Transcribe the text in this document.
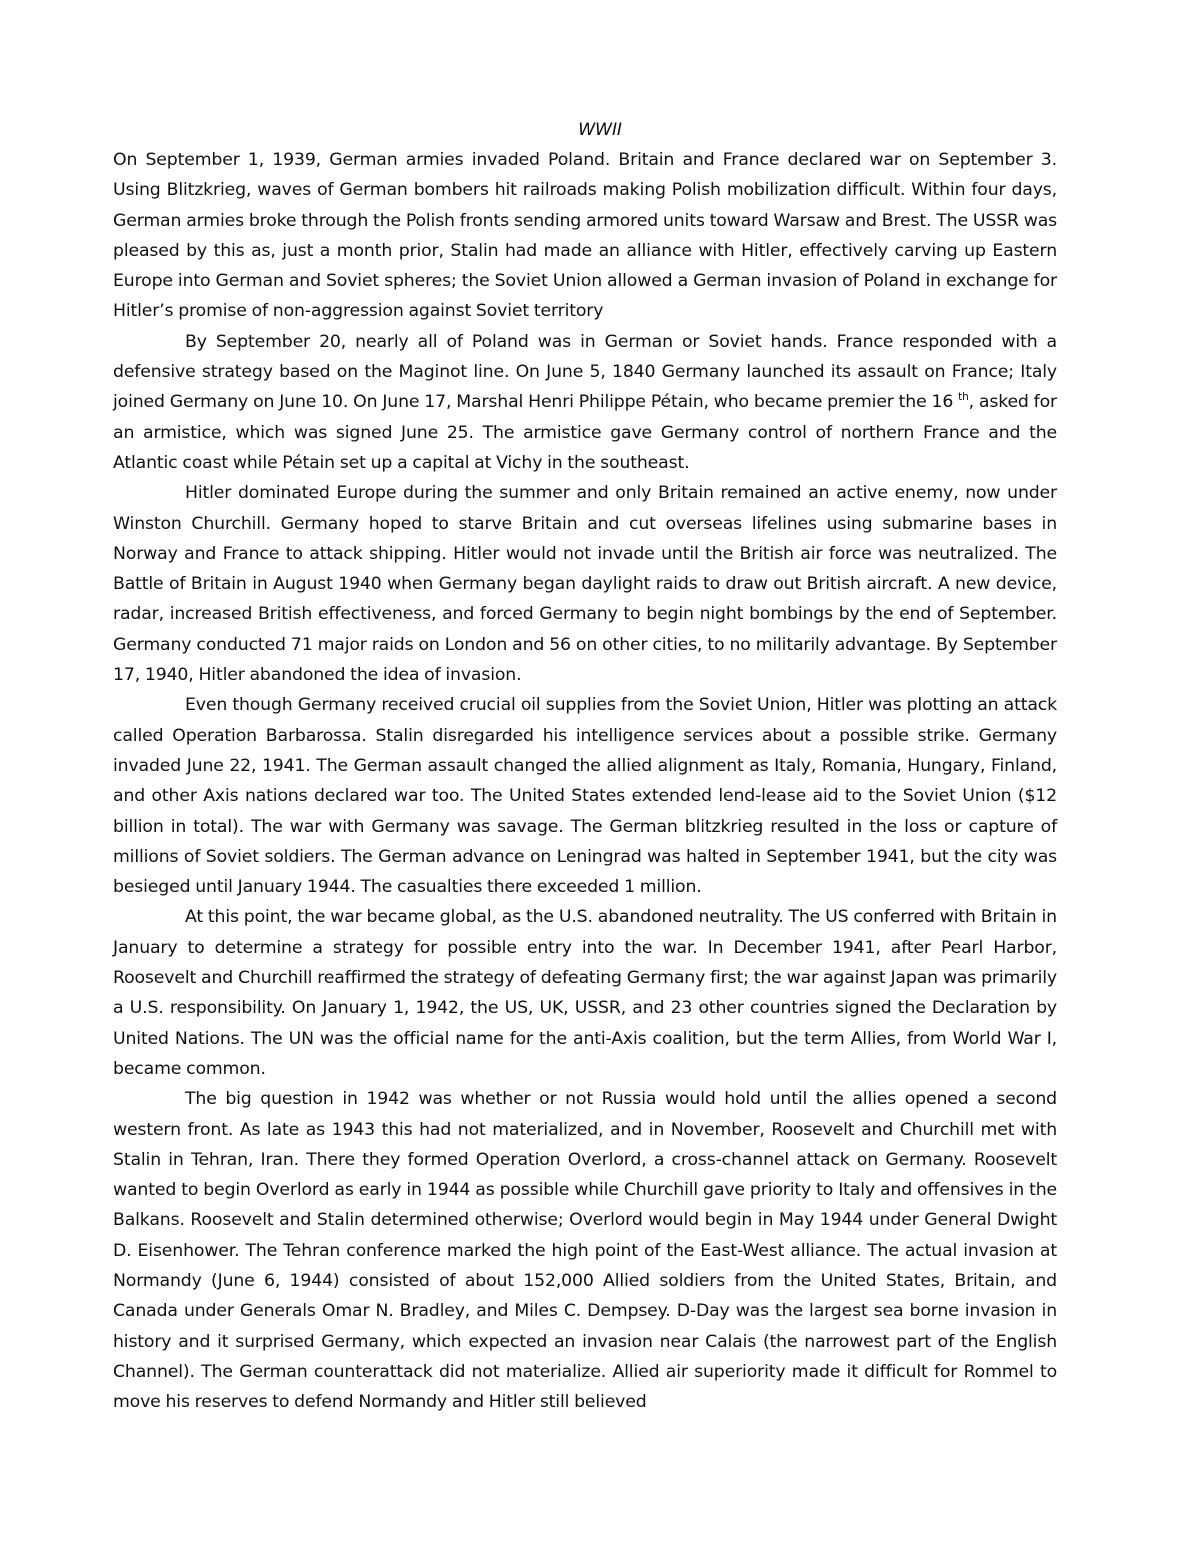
WWII

On September 1, 1939, German armies invaded Poland. Britain and France declared war on September 3. Using Blitzkrieg, waves of German bombers hit railroads making Polish mobilization difficult. Within four days, German armies broke through the Polish fronts sending armored units toward Warsaw and Brest. The USSR was pleased by this as, just a month prior, Stalin had made an alliance with Hitler, effectively carving up Eastern Europe into German and Soviet spheres; the Soviet Union allowed a German invasion of Poland in exchange for Hitler’s promise of non-aggression against Soviet territory

By September 20, nearly all of Poland was in German or Soviet hands. France responded with a defensive strategy based on the Maginot line. On June 5, 1840 Germany launched its assault on France; Italy joined Germany on June 10. On June 17, Marshal Henri Philippe Pétain, who became premier the 16 $^{th}$, asked for an armistice, which was signed June 25. The armistice gave Germany control of northern France and the Atlantic coast while Pétain set up a capital at Vichy in the southeast.

Hitler dominated Europe during the summer and only Britain remained an active enemy, now under Winston Churchill. Germany hoped to starve Britain and cut overseas lifelines using submarine bases in Norway and France to attack shipping. Hitler would not invade until the British air force was neutralized. The Battle of Britain in August 1940 when Germany began daylight raids to draw out British aircraft. A new device, radar, increased British effectiveness, and forced Germany to begin night bombings by the end of September. Germany conducted 71 major raids on London and 56 on other cities, to no militarily advantage. By September 17, 1940, Hitler abandoned the idea of invasion.

Even though Germany received crucial oil supplies from the Soviet Union, Hitler was plotting an attack called Operation Barbarossa. Stalin disregarded his intelligence services about a possible strike. Germany invaded June 22, 1941. The German assault changed the allied alignment as Italy, Romania, Hungary, Finland, and other Axis nations declared war too. The United States extended lend-lease aid to the Soviet Union ($12 billion in total). The war with Germany was savage. The German blitzkrieg resulted in the loss or capture of millions of Soviet soldiers. The German advance on Leningrad was halted in September 1941, but the city was besieged until January 1944. The casualties there exceeded 1 million.

At this point, the war became global, as the U.S. abandoned neutrality. The US conferred with Britain in January to determine a strategy for possible entry into the war. In December 1941, after Pearl Harbor, Roosevelt and Churchill reaffirmed the strategy of defeating Germany first; the war against Japan was primarily a U.S. responsibility. On January 1, 1942, the US, UK, USSR, and 23 other countries signed the Declaration by United Nations. The UN was the official name for the anti-Axis coalition, but the term Allies, from World War I, became common.

The big question in 1942 was whether or not Russia would hold until the allies opened a second western front. As late as 1943 this had not materialized, and in November, Roosevelt and Churchill met with Stalin in Tehran, Iran. There they formed Operation Overlord, a cross-channel attack on Germany. Roosevelt wanted to begin Overlord as early in 1944 as possible while Churchill gave priority to Italy and offensives in the Balkans. Roosevelt and Stalin determined otherwise; Overlord would begin in May 1944 under General Dwight D. Eisenhower. The Tehran conference marked the high point of the East-West alliance. The actual invasion at Normandy (June 6, 1944) consisted of about 152,000 Allied soldiers from the United States, Britain, and Canada under Generals Omar N. Bradley, and Miles C. Dempsey. D-Day was the largest sea borne invasion in history and it surprised Germany, which expected an invasion near Calais (the narrowest part of the English Channel). The German counterattack did not materialize. Allied air superiority made it difficult for Rommel to move his reserves to defend Normandy and Hitler still believed
